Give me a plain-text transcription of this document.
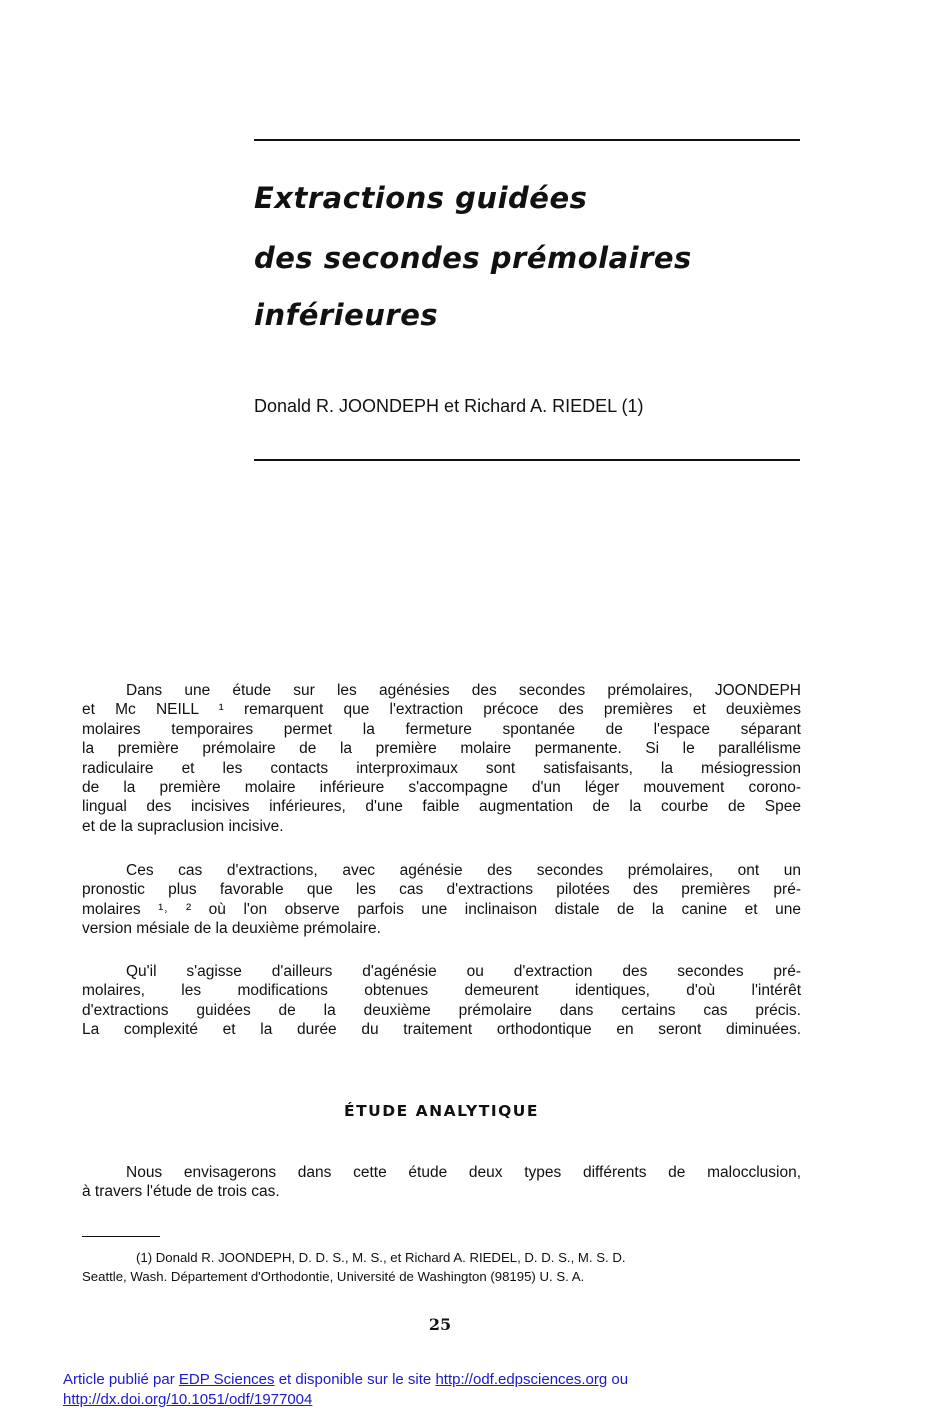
Extractions guidées
des secondes prémolaires
inférieures
Donald R. JOONDEPH et Richard A. RIEDEL (1)

Dans une étude sur les agénésies des secondes prémolaires, JOONDEPH
et Mc NEILL ¹ remarquent que l'extraction précoce des premières et deuxièmes
molaires temporaires permet la fermeture spontanée de l'espace séparant
la première prémolaire de la première molaire permanente. Si le parallélisme
radiculaire et les contacts interproximaux sont satisfaisants, la mésiogression
de la première molaire inférieure s'accompagne d'un léger mouvement corono-
lingual des incisives inférieures, d'une faible augmentation de la courbe de Spee
et de la supraclusion incisive.

Ces cas d'extractions, avec agénésie des secondes prémolaires, ont un
pronostic plus favorable que les cas d'extractions pilotées des premières pré-
molaires ¹˒ ² où l'on observe parfois une inclinaison distale de la canine et une
version mésiale de la deuxième prémolaire.

Qu'il s'agisse d'ailleurs d'agénésie ou d'extraction des secondes pré-
molaires, les modifications obtenues demeurent identiques, d'où l'intérêt
d'extractions guidées de la deuxième prémolaire dans certains cas précis.
La complexité et la durée du traitement orthodontique en seront diminuées.

ÉTUDE ANALYTIQUE

Nous envisagerons dans cette étude deux types différents de malocclusion,
à travers l'étude de trois cas.

(1) Donald R. JOONDEPH, D. D. S., M. S., et Richard A. RIEDEL, D. D. S., M. S. D.
Seattle, Wash. Département d'Orthodontie, Université de Washington (98195) U. S. A.
25
Article publié par EDP Sciences et disponible sur le site http://odf.edpsciences.org ou
http://dx.doi.org/10.1051/odf/1977004
